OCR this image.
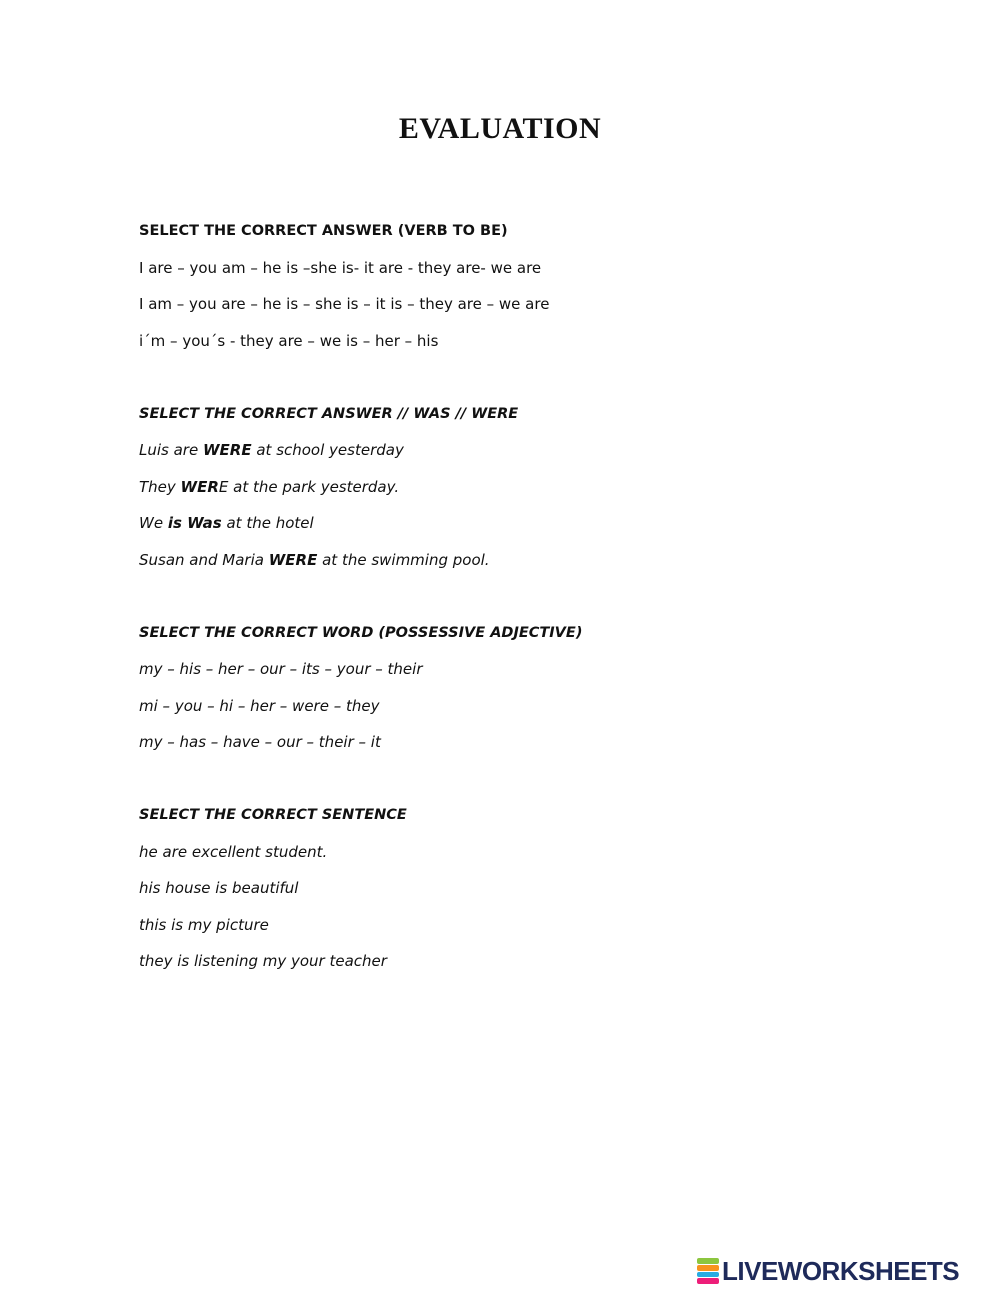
EVALUATION

SELECT THE CORRECT ANSWER (VERB TO BE)

I are – you am – he is –she is- it are - they are- we are

I am – you are – he is – she is – it is – they are – we are

i´m – you´s - they are – we is – her – his

SELECT THE CORRECT ANSWER // WAS // WERE

Luis are WERE at school yesterday

They WERE at the park yesterday.

We is Was at the hotel

Susan and Maria WERE at the swimming pool.

SELECT THE CORRECT WORD (POSSESSIVE ADJECTIVE)

my – his – her – our – its – your – their

mi – you – hi – her – were – they

my – has – have – our – their – it

SELECT THE CORRECT SENTENCE

he are excellent student.

his house is beautiful

this is my picture

they is listening my your teacher

LIVEWORKSHEETS
